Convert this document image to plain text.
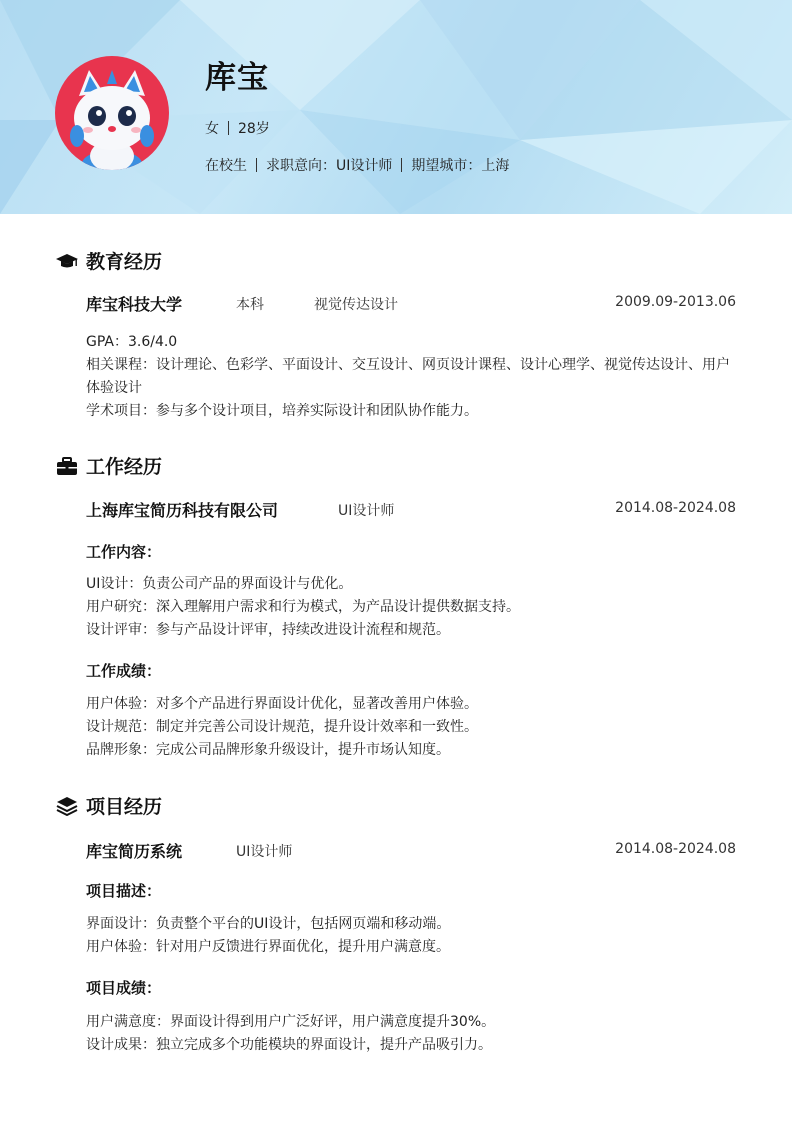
库宝
女 28岁
在校生 求职意向：UI设计师 期望城市：上海
教育经历
库宝科技大学	本科	视觉传达设计	2009.09-2013.06
GPA：3.6/4.0
相关课程：设计理论、色彩学、平面设计、交互设计、网页设计课程、设计心理学、视觉传达设计、用户
体验设计
学术项目：参与多个设计项目，培养实际设计和团队协作能力。
工作经历
上海库宝简历科技有限公司	UI设计师	2014.08-2024.08
工作内容：
UI设计：负责公司产品的界面设计与优化。
用户研究：深入理解用户需求和行为模式，为产品设计提供数据支持。
设计评审：参与产品设计评审，持续改进设计流程和规范。
工作成绩：
用户体验：对多个产品进行界面设计优化，显著改善用户体验。
设计规范：制定并完善公司设计规范，提升设计效率和一致性。
品牌形象：完成公司品牌形象升级设计，提升市场认知度。
项目经历
库宝简历系统	UI设计师	2014.08-2024.08
项目描述：
界面设计：负责整个平台的UI设计，包括网页端和移动端。
用户体验：针对用户反馈进行界面优化，提升用户满意度。
项目成绩：
用户满意度：界面设计得到用户广泛好评，用户满意度提升30%。
设计成果：独立完成多个功能模块的界面设计，提升产品吸引力。
